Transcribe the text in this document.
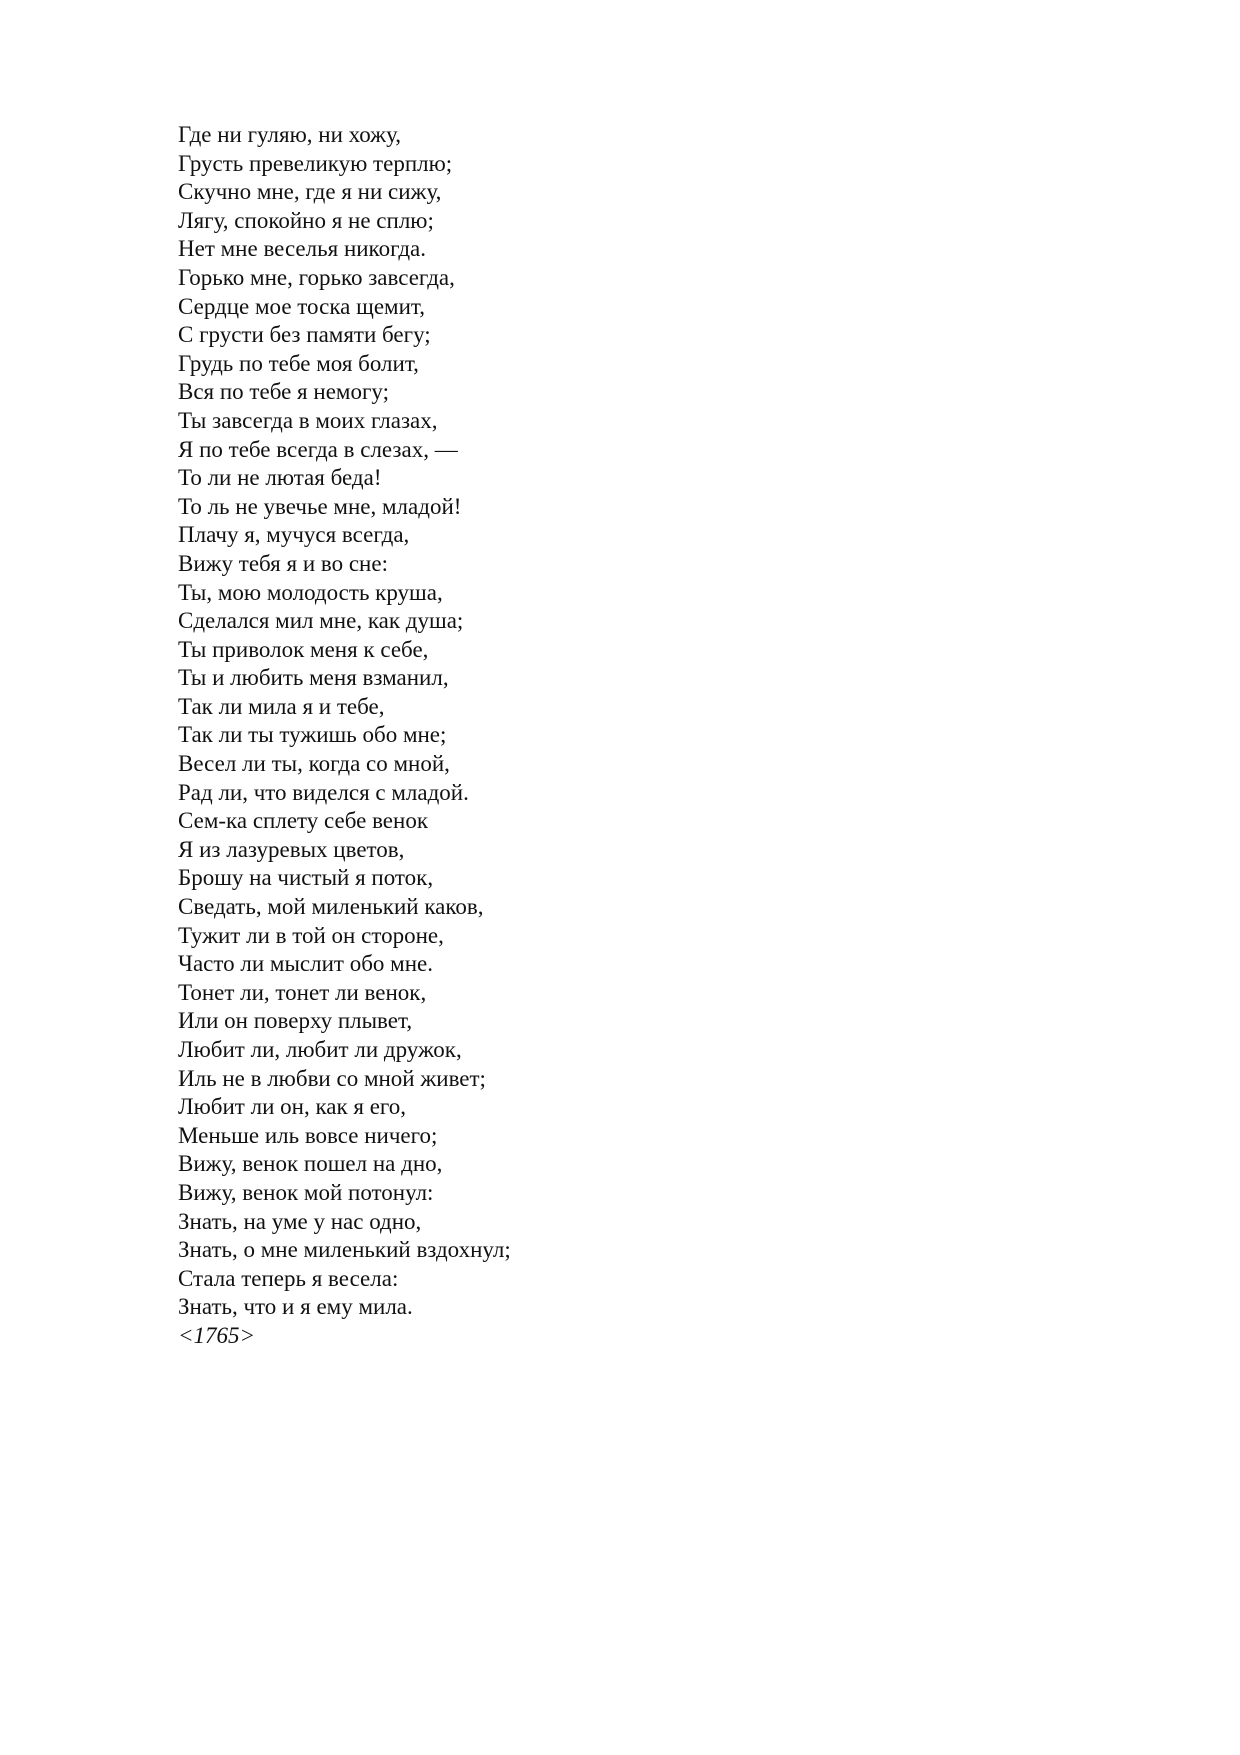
Где ни гуляю, ни хожу,
Грусть превеликую терплю;
Скучно мне, где я ни сижу,
Лягу, спокойно я не сплю;
Нет мне веселья никогда.
Горько мне, горько завсегда,
Сердце мое тоска щемит,
С грусти без памяти бегу;
Грудь по тебе моя болит,
Вся по тебе я немогу;
Ты завсегда в моих глазах,
Я по тебе всегда в слезах, —
То ли не лютая беда!
То ль не увечье мне, младой!
Плачу я, мучуся всегда,
Вижу тебя я и во сне:
Ты, мою молодость круша,
Сделался мил мне, как душа;
Ты приволок меня к себе,
Ты и любить меня взманил,
Так ли мила я и тебе,
Так ли ты тужишь обо мне;
Весел ли ты, когда со мной,
Рад ли, что виделся с младой.
Сем-ка сплету себе венок
Я из лазуревых цветов,
Брошу на чистый я поток,
Сведать, мой миленький каков,
Тужит ли в той он стороне,
Часто ли мыслит обо мне.
Тонет ли, тонет ли венок,
Или он поверху плывет,
Любит ли, любит ли дружок,
Иль не в любви со мной живет;
Любит ли он, как я его,
Меньше иль вовсе ничего;
Вижу, венок пошел на дно,
Вижу, венок мой потонул:
Знать, на уме у нас одно,
Знать, о мне миленький вздохнул;
Стала теперь я весела:
Знать, что и я ему мила.
<1765>
